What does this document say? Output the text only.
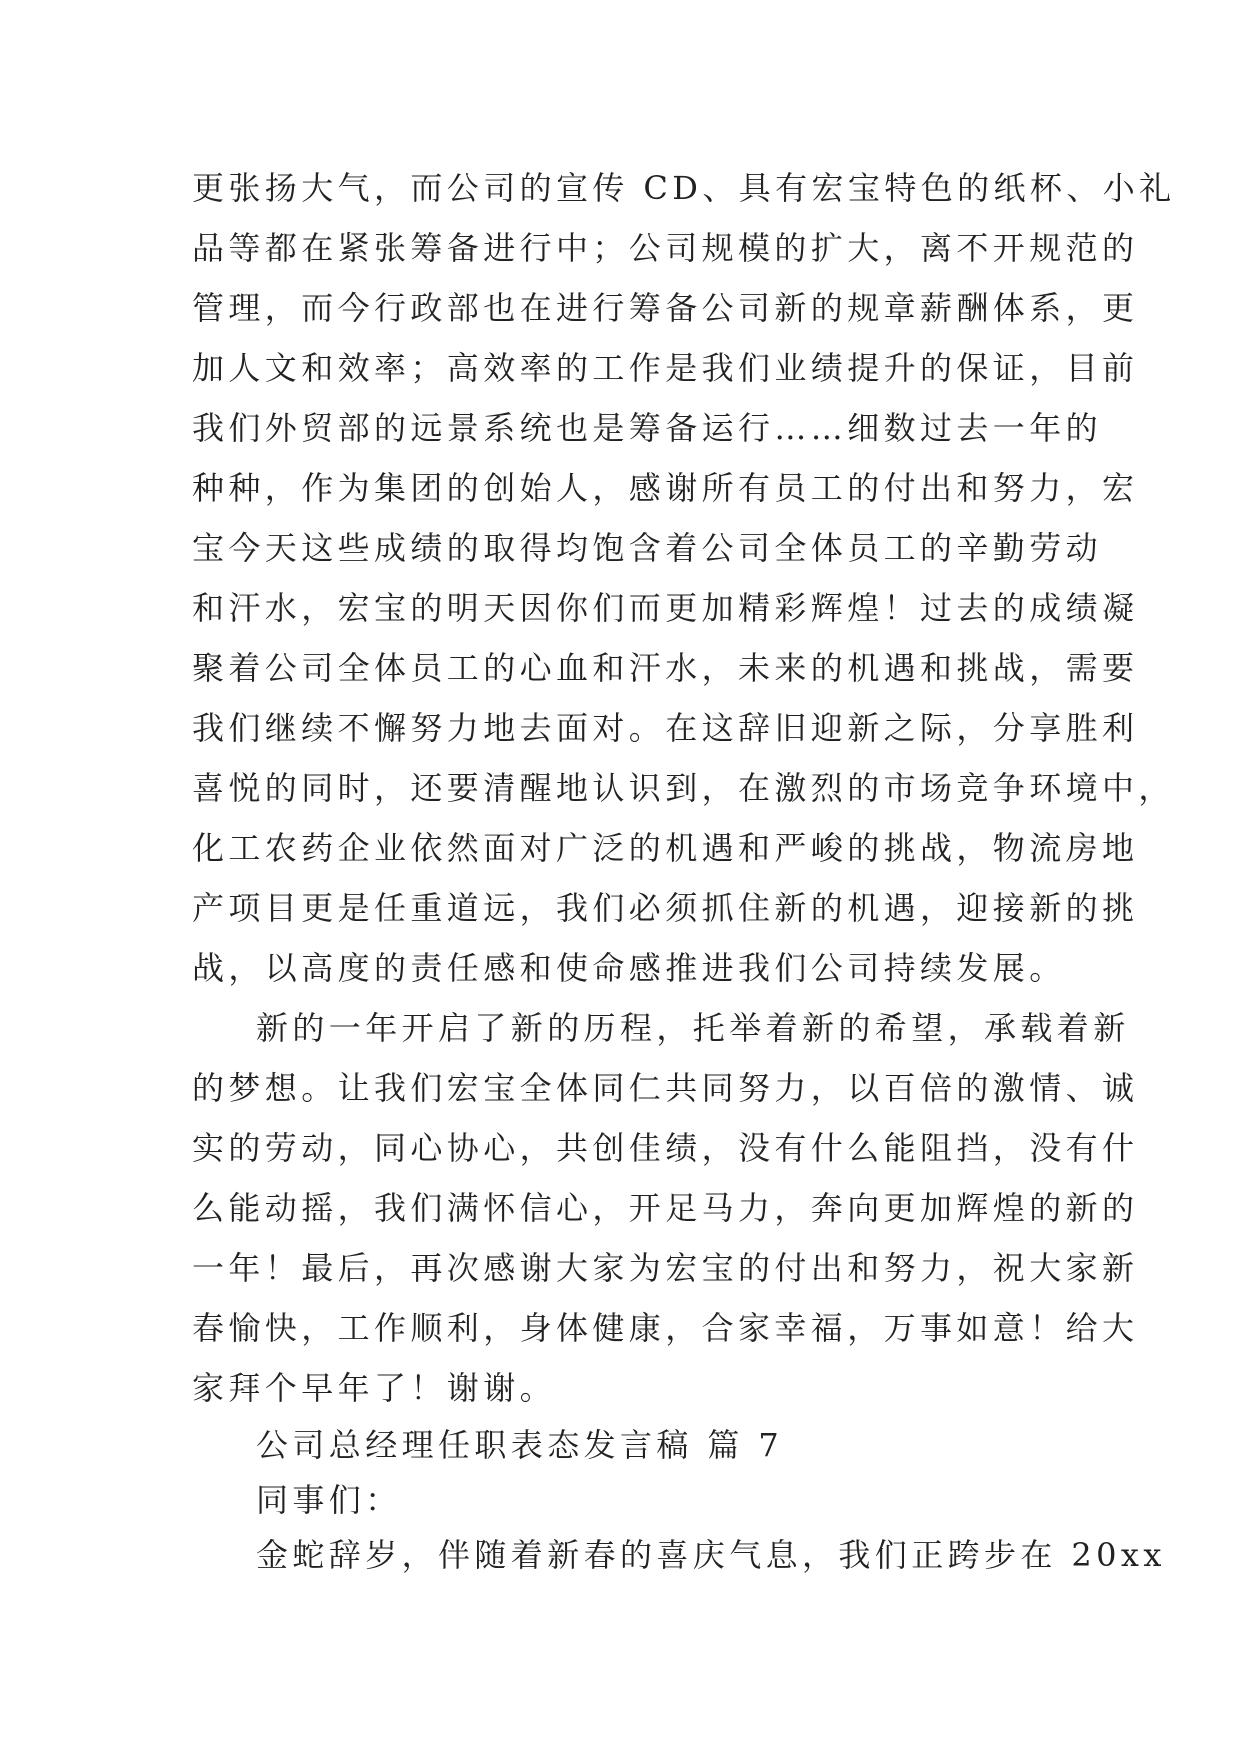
更张扬大气，而公司的宣传 CD、具有宏宝特色的纸杯、小礼
品等都在紧张筹备进行中；公司规模的扩大，离不开规范的
管理，而今行政部也在进行筹备公司新的规章薪酬体系，更
加人文和效率；高效率的工作是我们业绩提升的保证，目前
我们外贸部的远景系统也是筹备运行……细数过去一年的
种种，作为集团的创始人，感谢所有员工的付出和努力，宏
宝今天这些成绩的取得均饱含着公司全体员工的辛勤劳动
和汗水，宏宝的明天因你们而更加精彩辉煌！过去的成绩凝
聚着公司全体员工的心血和汗水，未来的机遇和挑战，需要
我们继续不懈努力地去面对。在这辞旧迎新之际，分享胜利
喜悦的同时，还要清醒地认识到，在激烈的市场竞争环境中，
化工农药企业依然面对广泛的机遇和严峻的挑战，物流房地
产项目更是任重道远，我们必须抓住新的机遇，迎接新的挑
战，以高度的责任感和使命感推进我们公司持续发展。
新的一年开启了新的历程，托举着新的希望，承载着新
的梦想。让我们宏宝全体同仁共同努力，以百倍的激情、诚
实的劳动，同心协心，共创佳绩，没有什么能阻挡，没有什
么能动摇，我们满怀信心，开足马力，奔向更加辉煌的新的
一年！最后，再次感谢大家为宏宝的付出和努力，祝大家新
春愉快，工作顺利，身体健康，合家幸福，万事如意！给大
家拜个早年了！谢谢。
公司总经理任职表态发言稿 篇 7
同事们：
金蛇辞岁，伴随着新春的喜庆气息，我们正跨步在 20xx
